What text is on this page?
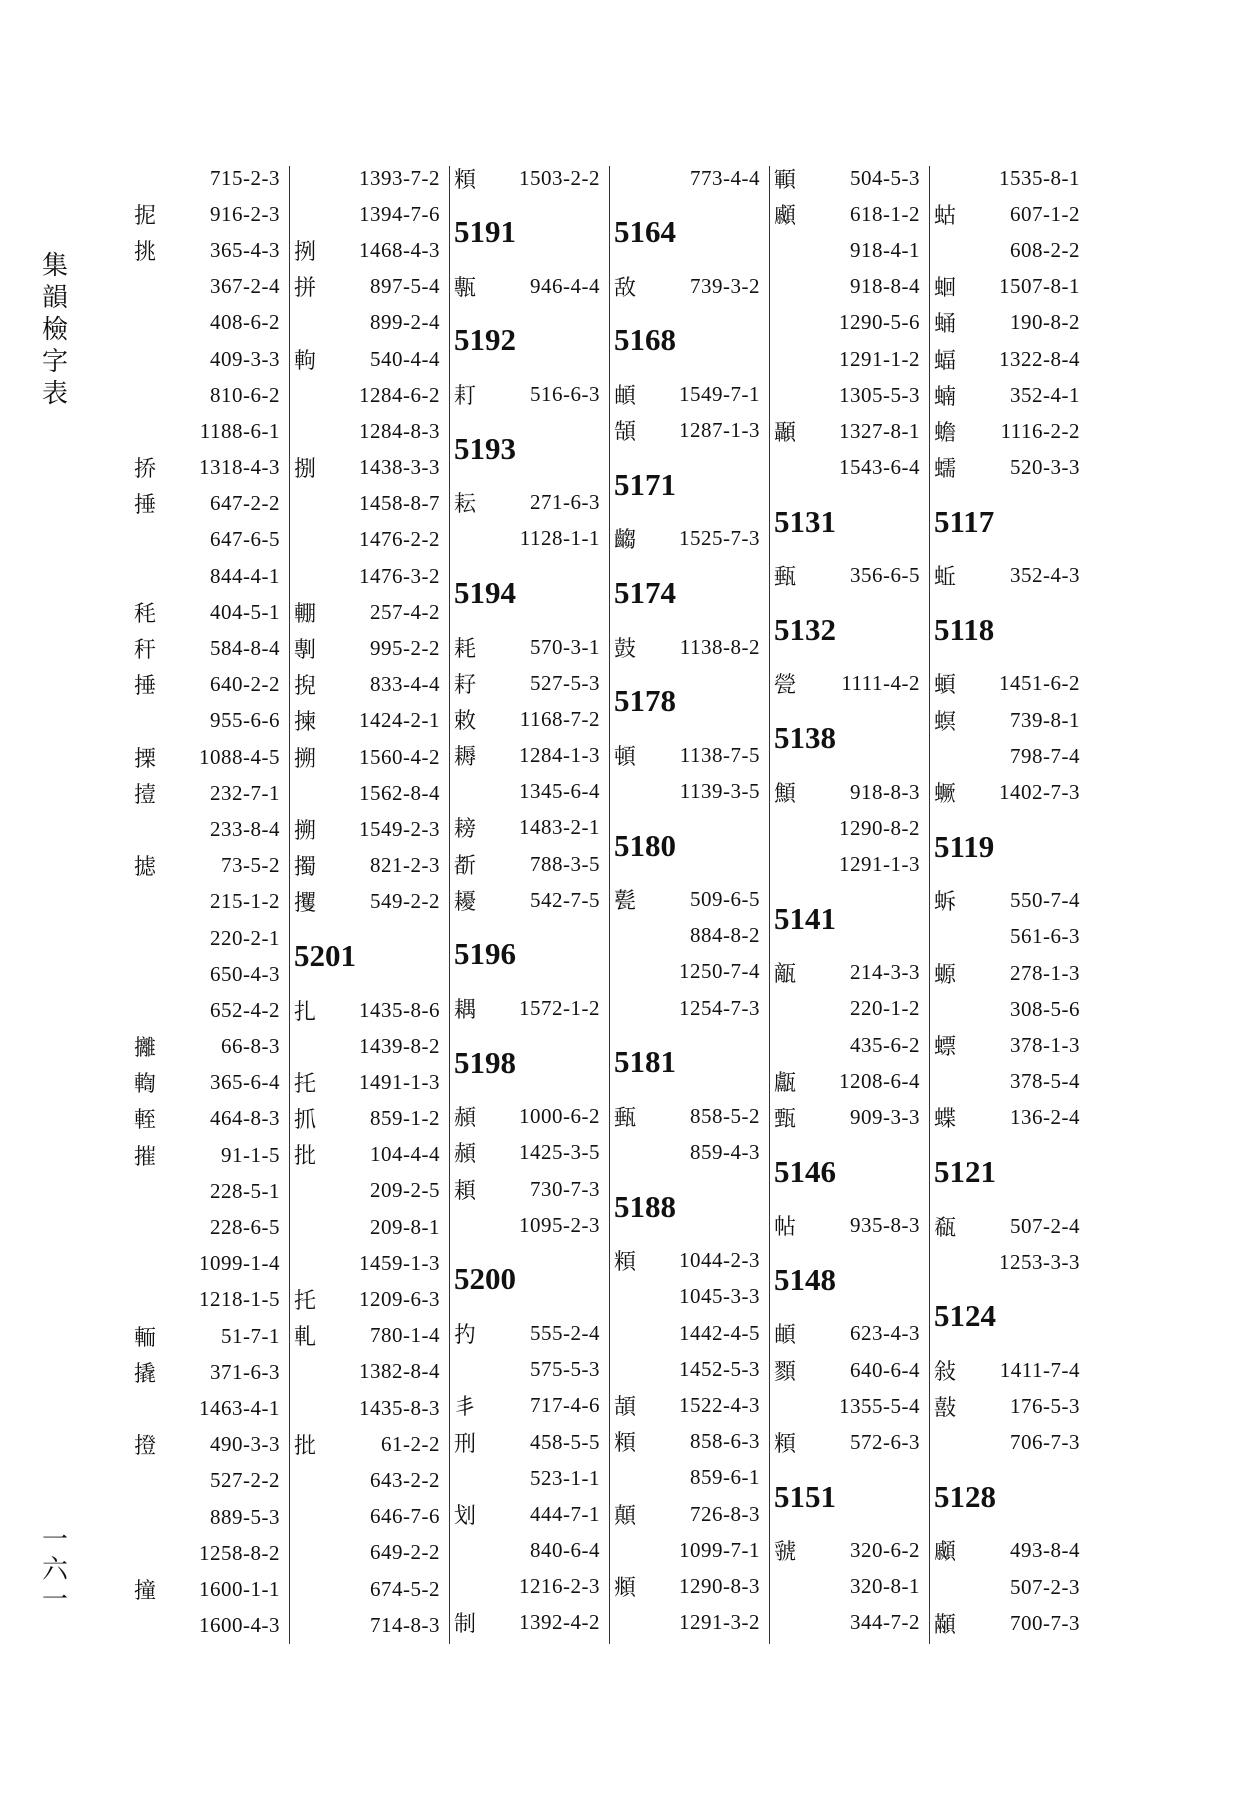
集
韻
檢
字
表
一
六
一
715-2-3
抳	916-2-3
挑	365-4-3
367-2-4
408-6-2
409-3-3
810-6-2
1188-6-1
挢	1318-4-3
捶	647-2-2
647-6-5
844-4-1
秏	404-5-1
秆	584-8-4
捶	640-2-2
955-6-6
搮	1088-4-5
撎	232-7-1
233-8-4
摅	73-5-2
215-1-2
220-2-1
650-4-3
652-4-2
攡	66-8-3
輷	365-6-4
輊	464-8-3
摧	91-1-5
228-5-1
228-6-5
1099-1-4
1218-1-5
輀	51-7-1
撬	371-6-3
1463-4-1
撜	490-3-3
527-2-2
889-5-3
1258-8-2
撞	1600-1-1
1600-4-3
1393-7-2
1394-7-6
挒	1468-4-3
拼	897-5-4
899-2-4
軥	540-4-4
1284-6-2
1284-8-3
捌	1438-3-3
1458-8-7
1476-2-2
1476-3-2
輣	257-4-2
剸	995-2-2
掜	833-4-4
揀	1424-2-1
搠	1560-4-2
1562-8-4
搠	1549-2-3
擉	821-2-3
攫	549-2-2
5201
扎	1435-8-6
1439-8-2
托	1491-1-3
抓	859-1-2
批	104-4-4
209-2-5
209-8-1
1459-1-3
托	1209-6-3
軋	780-1-4
1382-8-4
1435-8-3
批	61-2-2
643-2-2
646-7-6
649-2-2
674-5-2
714-8-3
頪	1503-2-2
5191
甎	946-4-4
5192
耓	516-6-3
5193
耘	271-6-3
1128-1-1
5194
耗	570-3-1
耔	527-5-3
敕	1168-7-2
耨	1284-1-3
1345-6-4
耪	1483-2-1
斱	788-3-5
耰	542-7-5
5196
耦	1572-1-2
5198
頳	1000-6-2
頳	1425-3-5
頛	730-7-3
1095-2-3
5200
扚	555-2-4
575-5-3
丯	717-4-6
刑	458-5-5
523-1-1
划	444-7-1
840-6-4
1216-2-3
制	1392-4-2
773-4-4
5164
敌	739-3-2
5168
頔	1549-7-1
頶	1287-1-3
5171
齺	1525-7-3
5174
鼓	1138-8-2
5178
頓	1138-7-5
1139-3-5
5180
甏	509-6-5
884-8-2
1250-7-4
1254-7-3
5181
甀	858-5-2
859-4-3
5188
頪	1044-2-3
1045-3-3
1442-4-5
1452-5-3
頡	1522-4-3
頪	858-6-3
859-6-1
顛	726-8-3
1099-7-1
頫	1290-8-3
1291-3-2
顐	504-5-3
顣	618-1-2
918-4-1
918-8-4
1290-5-6
1291-1-2
1305-5-3
顳	1327-8-1
1543-6-4
5131
甀	356-6-5
5132
甇	1111-4-2
5138
顦	918-8-3
1290-8-2
1291-1-3
5141
甋	214-3-3
220-1-2
435-6-2
甗	1208-6-4
甄	909-3-3
5146
帖	935-8-3
5148
頔	623-4-3
顟	640-6-4
1355-5-4
頪	572-6-3
5151
虢	320-6-2
320-8-1
344-7-2
1535-8-1
蛄	607-1-2
608-2-2
蛔	1507-8-1
蛹	190-8-2
蝠	1322-8-4
蝻	352-4-1
蟾	1116-2-2
蠕	520-3-3
5117
蚯	352-4-3
5118
蝢	1451-6-2
螟	739-8-1
798-7-4
蟩	1402-7-3
5119
蚸	550-7-4
561-6-3
螈	278-1-3
308-5-6
螵	378-1-3
378-5-4
蝶	136-2-4
5121
瓻	507-2-4
1253-3-3
5124
敍	1411-7-4
敼	176-5-3
706-7-3
5128
顣	493-8-4
507-2-3
顢	700-7-3
